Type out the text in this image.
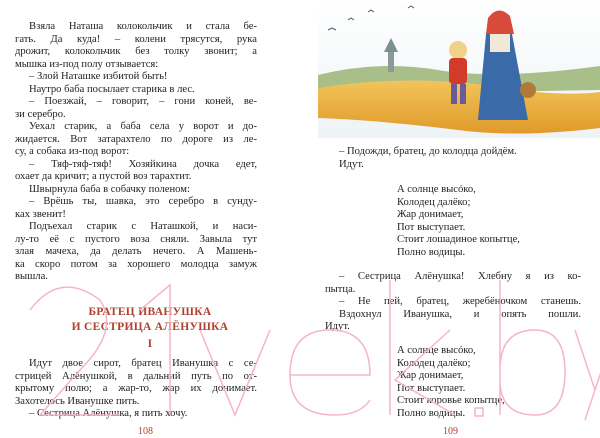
Взяла Наташа колокольчик и стала бе-
гать. Да куда! – колени трясутся, рука
дрожит, колокольчик без толку звонит; а
мышка из-под полу отзывается:
– Злой Наташке избитой быть!
Наутро баба посылает старика в лес.
– Поезжай, – говорит, – гони коней, ве-
зи серебро.
Уехал старик, а баба села у ворот и до-
жидается. Вот затарахтело по дороге из ле-
су, а собака из-под ворот:
– Тяф-тяф-тяф! Хозяйкина дочка едет,
охает да кричит; а пустой воз тарахтит.
Швырнула баба в собачку поленом:
– Врёшь ты, шавка, это серебро в сунду-
ках звенит!
Подъехал старик с Наташкой, и наси-
лу-то её с пустого воза сняли. Завыла тут
злая мачеха, да делать нечего. А Машень-
ка скоро потом за хорошего молодца замуж
вышла.
БРАТЕЦ ИВАНУШКА
И СЕСТРИЦА АЛЁНУШКА
I
Идут двое сирот, братец Иванушка с се-
стрицей Алёнушкой, в дальний путь по от-
крытому полю; а жар-то, жар их донимает.
Захотелось Иванушке пить.
– Сестрица Алёнушка, я пить хочу.
108
– Подожди, братец, до колодца дойдём.
Идут.
А солнце высóко,
Колодец далёко;
Жар донимает,
Пот выступает.
Стоит лошадиное копытце,
Полно водицы.
– Сестрица Алёнушка! Хлебну я из ко-
пытца.
– Не пей, братец, жеребёночком станешь.
Вздохнул Иванушка, и опять пошли.
Идут.
А солнце высóко,
Колодец далёко;
Жар донимает,
Пот выступает.
Стоит коровье копытце,
Полно водицы.
109
